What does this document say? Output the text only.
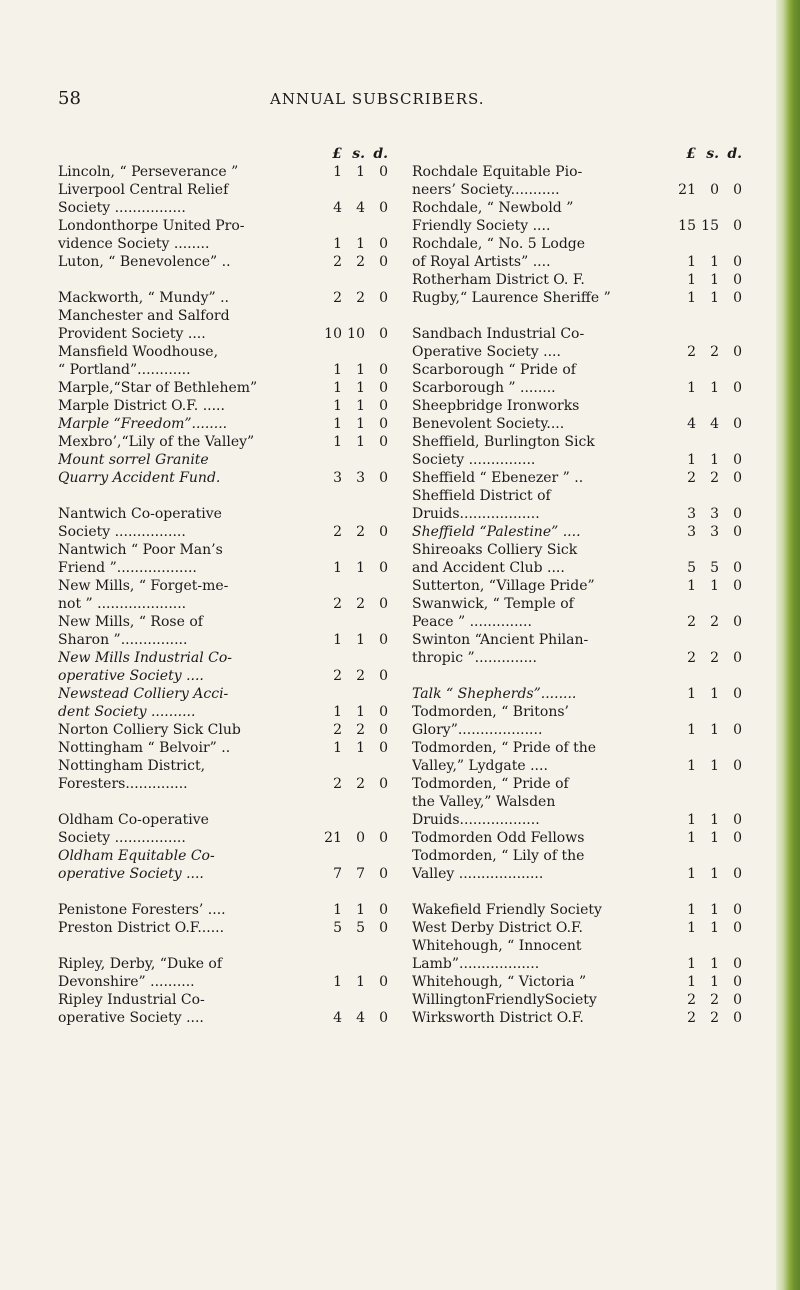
58	ANNUAL SUBSCRIBERS.
£ s. d.
Lincoln, “ Perseverance ”	1	1	0
Liverpool Central Relief
Society ................	4	4	0
Londonthorpe United Pro-
vidence Society ........	1	1	0
Luton, “ Benevolence” ..	2	2	0
Mackworth, “ Mundy” ..	2	2	0
Manchester and Salford
Provident Society ....	10 10	0
Mansfield Woodhouse,
“ Portland”............	1	1	0
Marple,“Star of Bethlehem”	1	1	0
Marple District O.F. .....	1	1	0
Marple “Freedom”........	1	1	0
Mexbro’,“Lily of the Valley”	1	1	0
Mount sorrel Granite
Quarry Accident Fund.	3	3	0
Nantwich Co-operative
Society ................	2	2	0
Nantwich “ Poor Man’s
Friend ”..................	1	1	0
New Mills, “ Forget-me-
not ” ....................	2	2	0
New Mills, “ Rose of
Sharon ”...............	1	1	0
New Mills Industrial Co-
operative Society ....	2	2	0
Newstead Colliery Acci-
dent Society ..........	1	1	0
Norton Colliery Sick Club	2	2	0
Nottingham “ Belvoir” ..	1	1	0
Nottingham District,
Foresters..............	2	2	0
Oldham Co-operative
Society ................	21	0	0
Oldham Equitable Co-
operative Society ....	7	7	0
Penistone Foresters’ ....	1	1	0
Preston District O.F......	5	5	0
Ripley, Derby, “Duke of
Devonshire” ..........	1	1	0
Ripley Industrial Co-
operative Society ....	4	4	0
£ s. d.
Rochdale Equitable Pio-
neers’ Society...........	21	0	0
Rochdale, “ Newbold ”
Friendly Society ....	15 15	0
Rochdale, “ No. 5 Lodge
of Royal Artists” ....	1	1	0
Rotherham District O. F.	1	1	0
Rugby,“ Laurence Sheriffe ”	1	1	0
Sandbach Industrial Co-
Operative Society ....	2	2	0
Scarborough “ Pride of
Scarborough ” ........	1	1	0
Sheepbridge Ironworks
Benevolent Society....	4	4	0
Sheffield, Burlington Sick
Society ...............	1	1	0
Sheffield “ Ebenezer ” ..	2	2	0
Sheffield District of
Druids..................	3	3	0
Sheffield “Palestine” ....	3	3	0
Shireoaks Colliery Sick
and Accident Club ....	5	5	0
Sutterton, “Village Pride”	1	1	0
Swanwick, “ Temple of
Peace ” ..............	2	2	0
Swinton “Ancient Philan-
thropic ”..............	2	2	0
Talk “ Shepherds”........	1	1	0
Todmorden, “ Britons’
Glory”...................	1	1	0
Todmorden, “ Pride of the
Valley,” Lydgate ....	1	1	0
Todmorden, “ Pride of
the Valley,” Walsden
Druids..................	1	1	0
Todmorden Odd Fellows	1	1	0
Todmorden, “ Lily of the
Valley ...................	1	1	0
Wakefield Friendly Society	1	1	0
West Derby District O.F.	1	1	0
Whitehough, “ Innocent
Lamb”..................	1	1	0
Whitehough, “ Victoria ”	1	1	0
WillingtonFriendlySociety	2	2	0
Wirksworth District O.F.	2	2	0
